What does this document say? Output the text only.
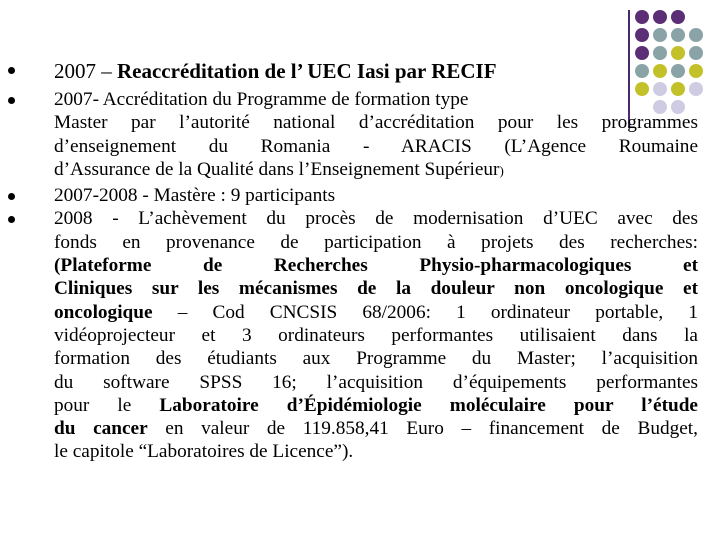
2007 – Reaccréditation de l’ UEC Iasi par RECIF
2007- Accréditation du Programme de formation type
Master par l’autorité national d’accréditation pour les programmes
d’enseignement du Romania - ARACIS (L’Agence Roumaine
d’Assurance de la Qualité dans l’Enseignement Supérieur)
2007-2008 - Mastère : 9 participants
2008 - L’achèvement du procès de modernisation d’UEC avec des
fonds en provenance de participation à projets des recherches:
(Plateforme de Recherches Physio-pharmacologiques et
Cliniques sur les mécanismes de la douleur non oncologique et
oncologique – Cod CNCSIS 68/2006: 1 ordinateur portable, 1
vidéoprojecteur et 3 ordinateurs performantes utilisaient dans la
formation des étudiants aux Programme du Master; l’acquisition
du software SPSS 16; l’acquisition d’équipements performantes
pour le Laboratoire d’Épidémiologie moléculaire pour l’étude
du cancer en valeur de 119.858,41 Euro – financement de Budget,
le capitole “Laboratoires de Licence”).
